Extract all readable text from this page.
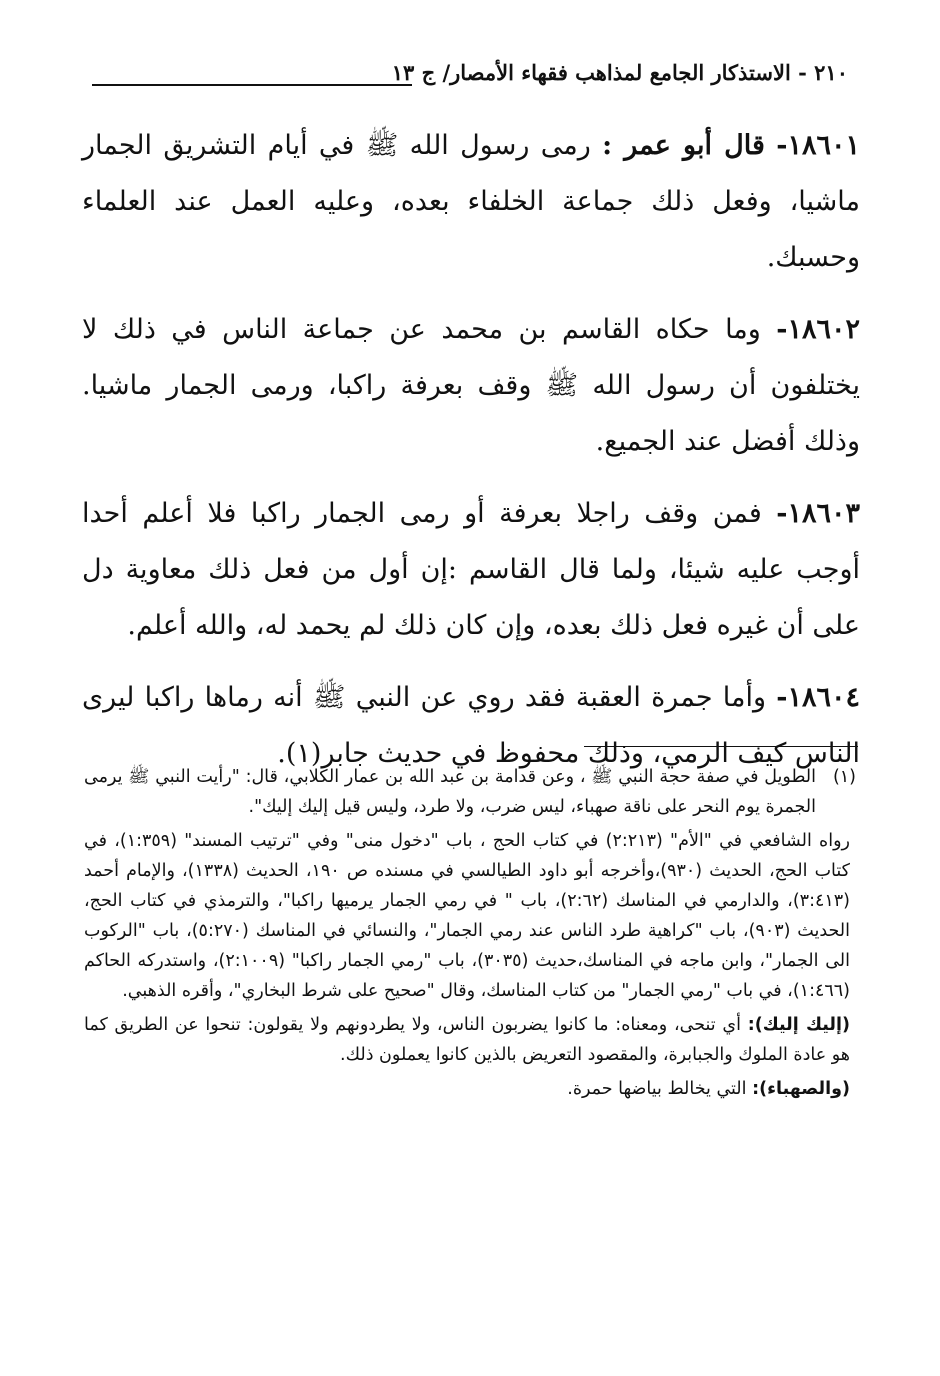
٢١٠ - الاستذكار الجامع لمذاهب فقهاء الأمصار/ ج ١٣

١٨٦٠١- قال أبو عمر : رمى رسول الله ﷺ في أيام التشريق الجمار ماشيا، وفعل ذلك جماعة الخلفاء بعده، وعليه العمل عند العلماء وحسبك.

١٨٦٠٢- وما حكاه القاسم بن محمد عن جماعة الناس في ذلك لا يختلفون أن رسول الله ﷺ وقف بعرفة راكبا، ورمى الجمار ماشيا. وذلك أفضل عند الجميع.

١٨٦٠٣- فمن وقف راجلا بعرفة أو رمى الجمار راكبا فلا أعلم أحدا أوجب عليه شيئا، ولما قال القاسم :إن أول من فعل ذلك معاوية دل على أن غيره فعل ذلك بعده، وإن كان ذلك لم يحمد له، والله أعلم.

١٨٦٠٤- وأما جمرة العقبة فقد روي عن النبي ﷺ أنه رماها راكبا ليرى الناس كيف الرمي، وذلك محفوظ في حديث جابر(١).

(١)
الطويل في صفة حجة النبي ﷺ ، وعن قدامة بن عبد الله بن عمار الكلابي، قال: "رأيت النبي ﷺ يرمى الجمرة يوم النحر على ناقة صهباء، ليس ضرب، ولا طرد، وليس قيل إليك إليك".

رواه الشافعي في "الأم" (٢:٢١٣) في كتاب الحج ، باب "دخول منى" وفي "ترتيب المسند" (١:٣٥٩)، في كتاب الحج، الحديث (٩٣٠)،وأخرجه أبو داود الطيالسي في مسنده ص ١٩٠، الحديث (١٣٣٨)، والإمام أحمد (٣:٤١٣)، والدارمي في المناسك (٢:٦٢)، باب " في رمي الجمار يرميها راكبا"، والترمذي في كتاب الحج، الحديث (٩٠٣)، باب "كراهية طرد الناس عند رمي الجمار"، والنسائي في المناسك (٥:٢٧٠)، باب "الركوب الى الجمار"، وابن ماجه في المناسك،حديث (٣٠٣٥)، باب "رمي الجمار راكبا" (٢:١٠٠٩)، واستدركه الحاكم (١:٤٦٦)، في باب "رمي الجمار" من كتاب المناسك، وقال "صحيح على شرط البخاري"، وأقره الذهبي.

(إليك إليك): أي تنحى، ومعناه: ما كانوا يضربون الناس، ولا يطردونهم ولا يقولون: تنحوا عن الطريق كما هو عادة الملوك والجبابرة، والمقصود التعريض بالذين كانوا يعملون ذلك.

(والصهباء): التي يخالط بياضها حمرة.
